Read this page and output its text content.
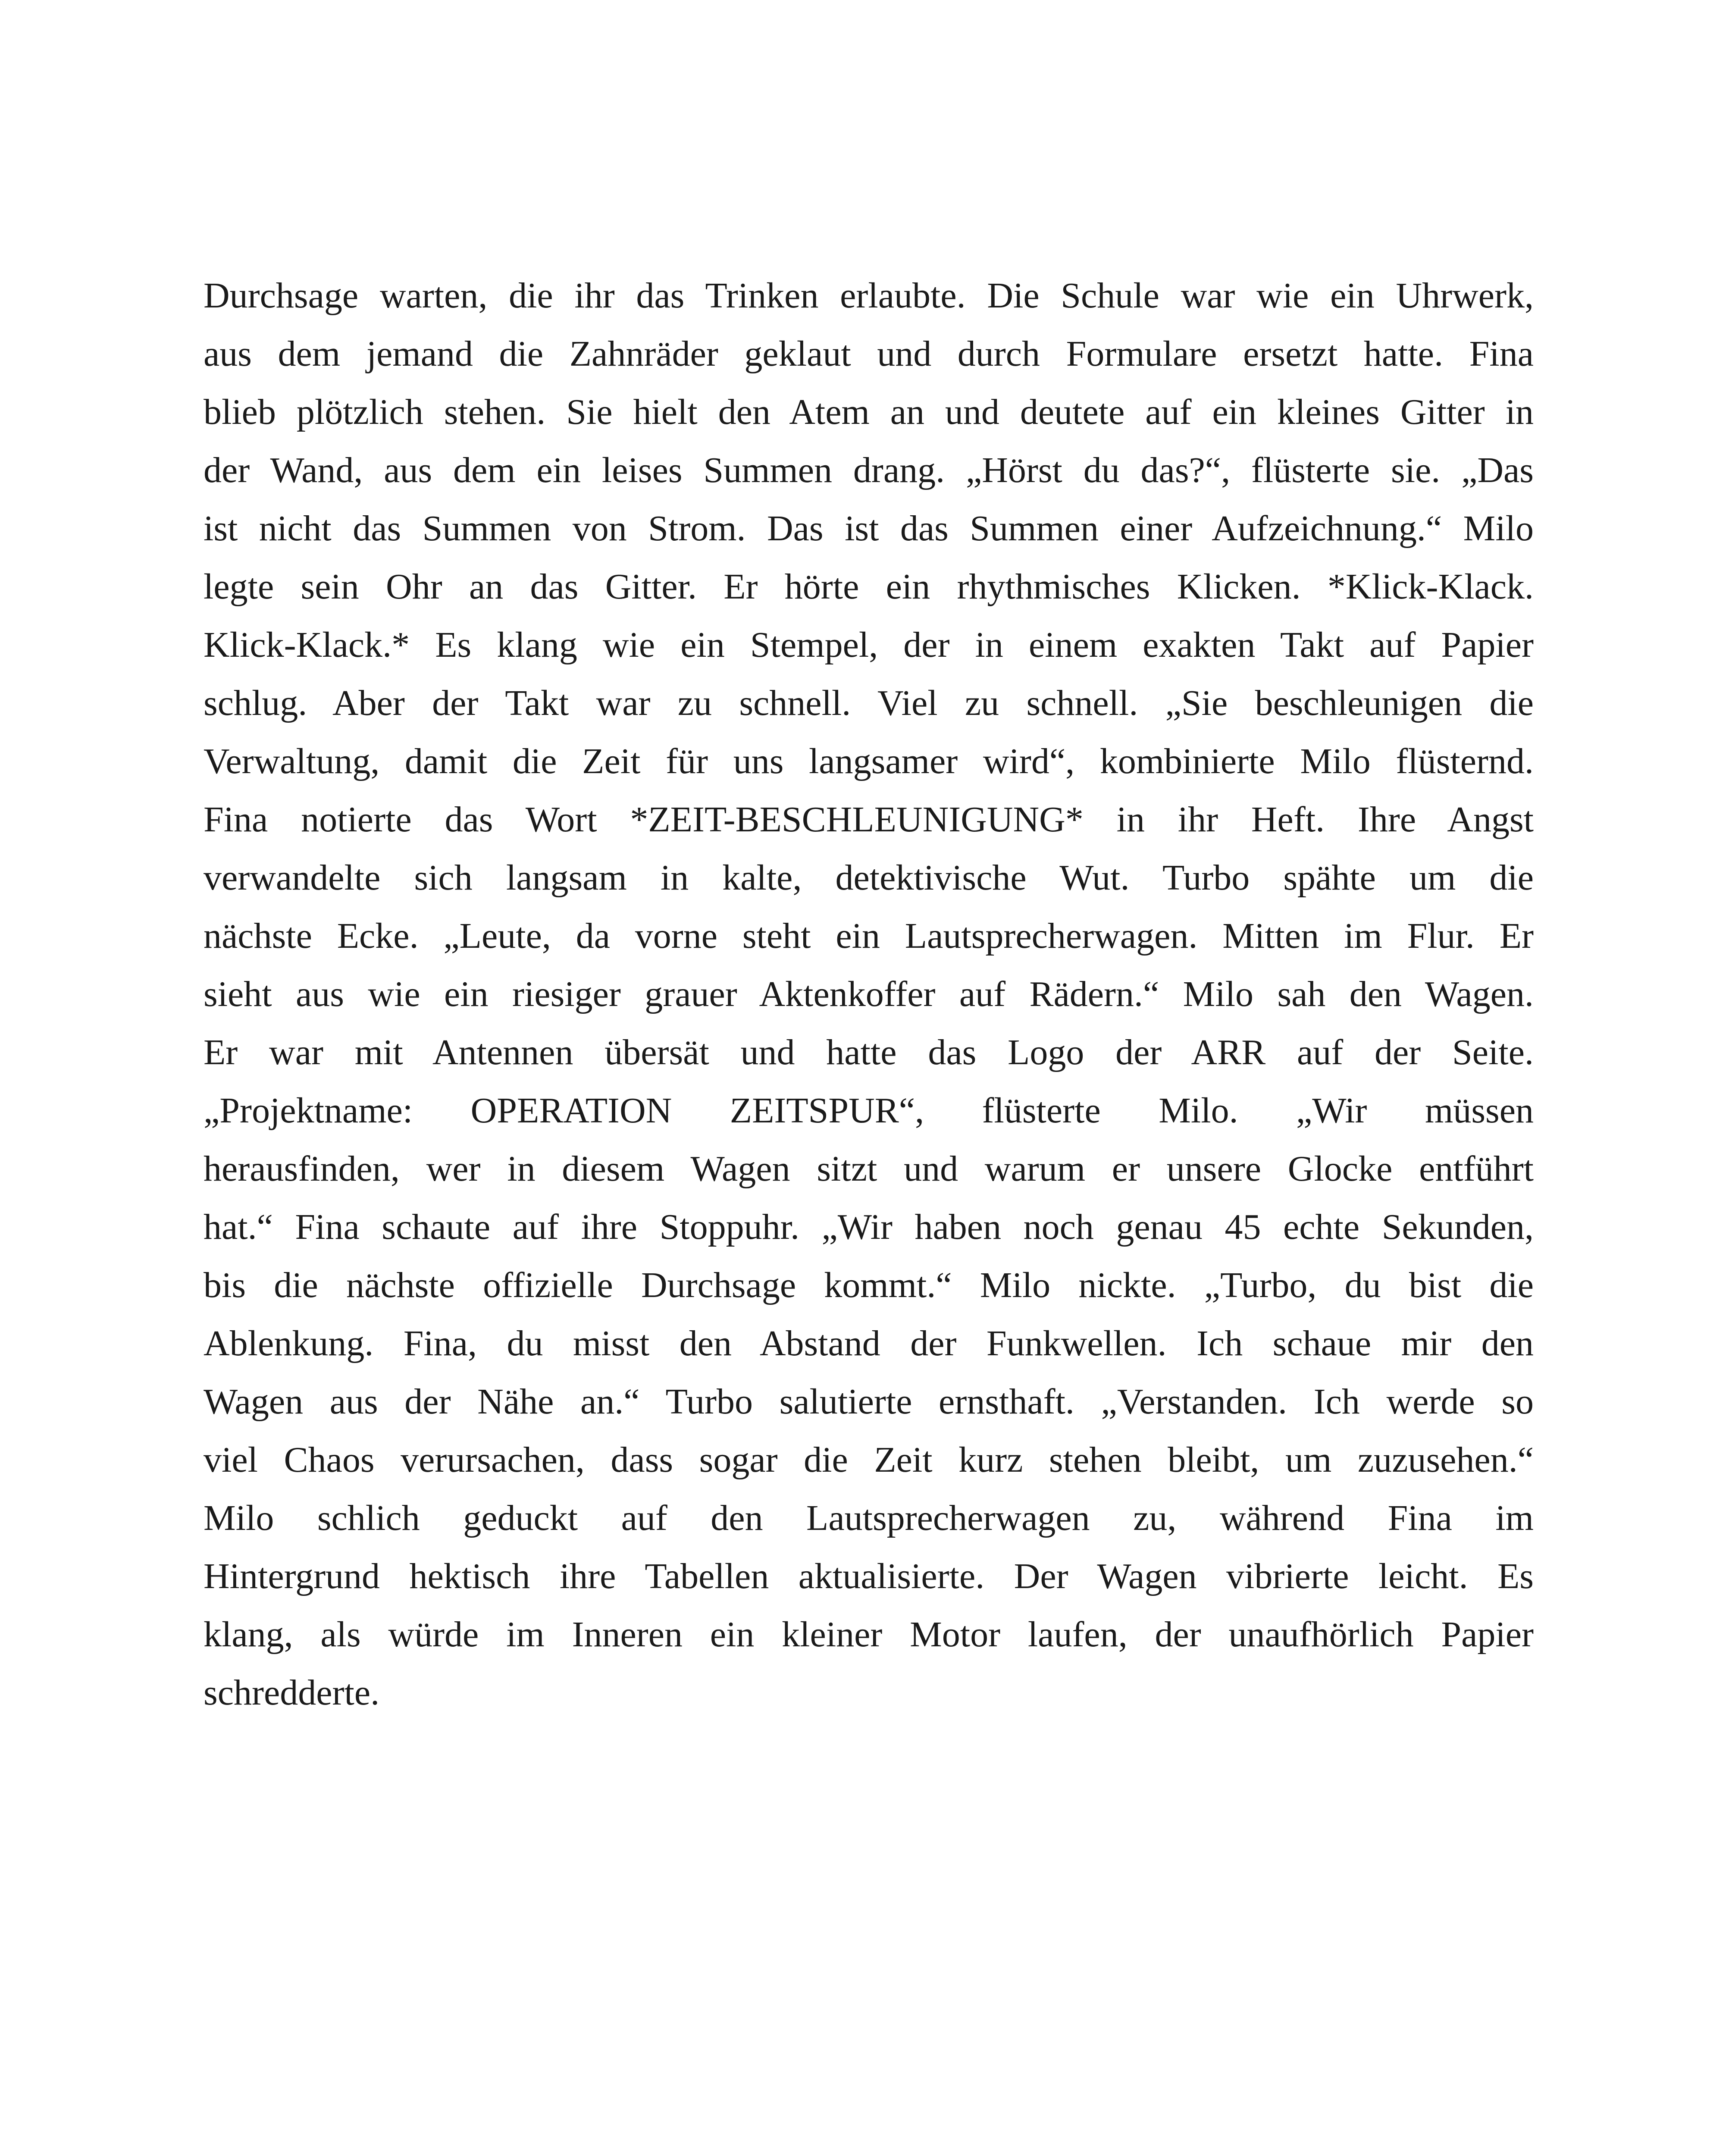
Durchsage warten, die ihr das Trinken erlaubte. Die Schule war wie ein Uhrwerk,
aus dem jemand die Zahnräder geklaut und durch Formulare ersetzt hatte. Fina
blieb plötzlich stehen. Sie hielt den Atem an und deutete auf ein kleines Gitter in
der Wand, aus dem ein leises Summen drang. „Hörst du das?“, flüsterte sie. „Das
ist nicht das Summen von Strom. Das ist das Summen einer Aufzeichnung.“ Milo
legte sein Ohr an das Gitter. Er hörte ein rhythmisches Klicken. *Klick-Klack.
Klick-Klack.* Es klang wie ein Stempel, der in einem exakten Takt auf Papier
schlug. Aber der Takt war zu schnell. Viel zu schnell. „Sie beschleunigen die
Verwaltung, damit die Zeit für uns langsamer wird“, kombinierte Milo flüsternd.
Fina notierte das Wort *ZEIT-BESCHLEUNIGUNG* in ihr Heft. Ihre Angst
verwandelte sich langsam in kalte, detektivische Wut. Turbo spähte um die
nächste Ecke. „Leute, da vorne steht ein Lautsprecherwagen. Mitten im Flur. Er
sieht aus wie ein riesiger grauer Aktenkoffer auf Rädern.“ Milo sah den Wagen.
Er war mit Antennen übersät und hatte das Logo der ARR auf der Seite.
„Projektname: OPERATION ZEITSPUR“, flüsterte Milo. „Wir müssen
herausfinden, wer in diesem Wagen sitzt und warum er unsere Glocke entführt
hat.“ Fina schaute auf ihre Stoppuhr. „Wir haben noch genau 45 echte Sekunden,
bis die nächste offizielle Durchsage kommt.“ Milo nickte. „Turbo, du bist die
Ablenkung. Fina, du misst den Abstand der Funkwellen. Ich schaue mir den
Wagen aus der Nähe an.“ Turbo salutierte ernsthaft. „Verstanden. Ich werde so
viel Chaos verursachen, dass sogar die Zeit kurz stehen bleibt, um zuzusehen.“
Milo schlich geduckt auf den Lautsprecherwagen zu, während Fina im
Hintergrund hektisch ihre Tabellen aktualisierte. Der Wagen vibrierte leicht. Es
klang, als würde im Inneren ein kleiner Motor laufen, der unaufhörlich Papier
schredderte.
